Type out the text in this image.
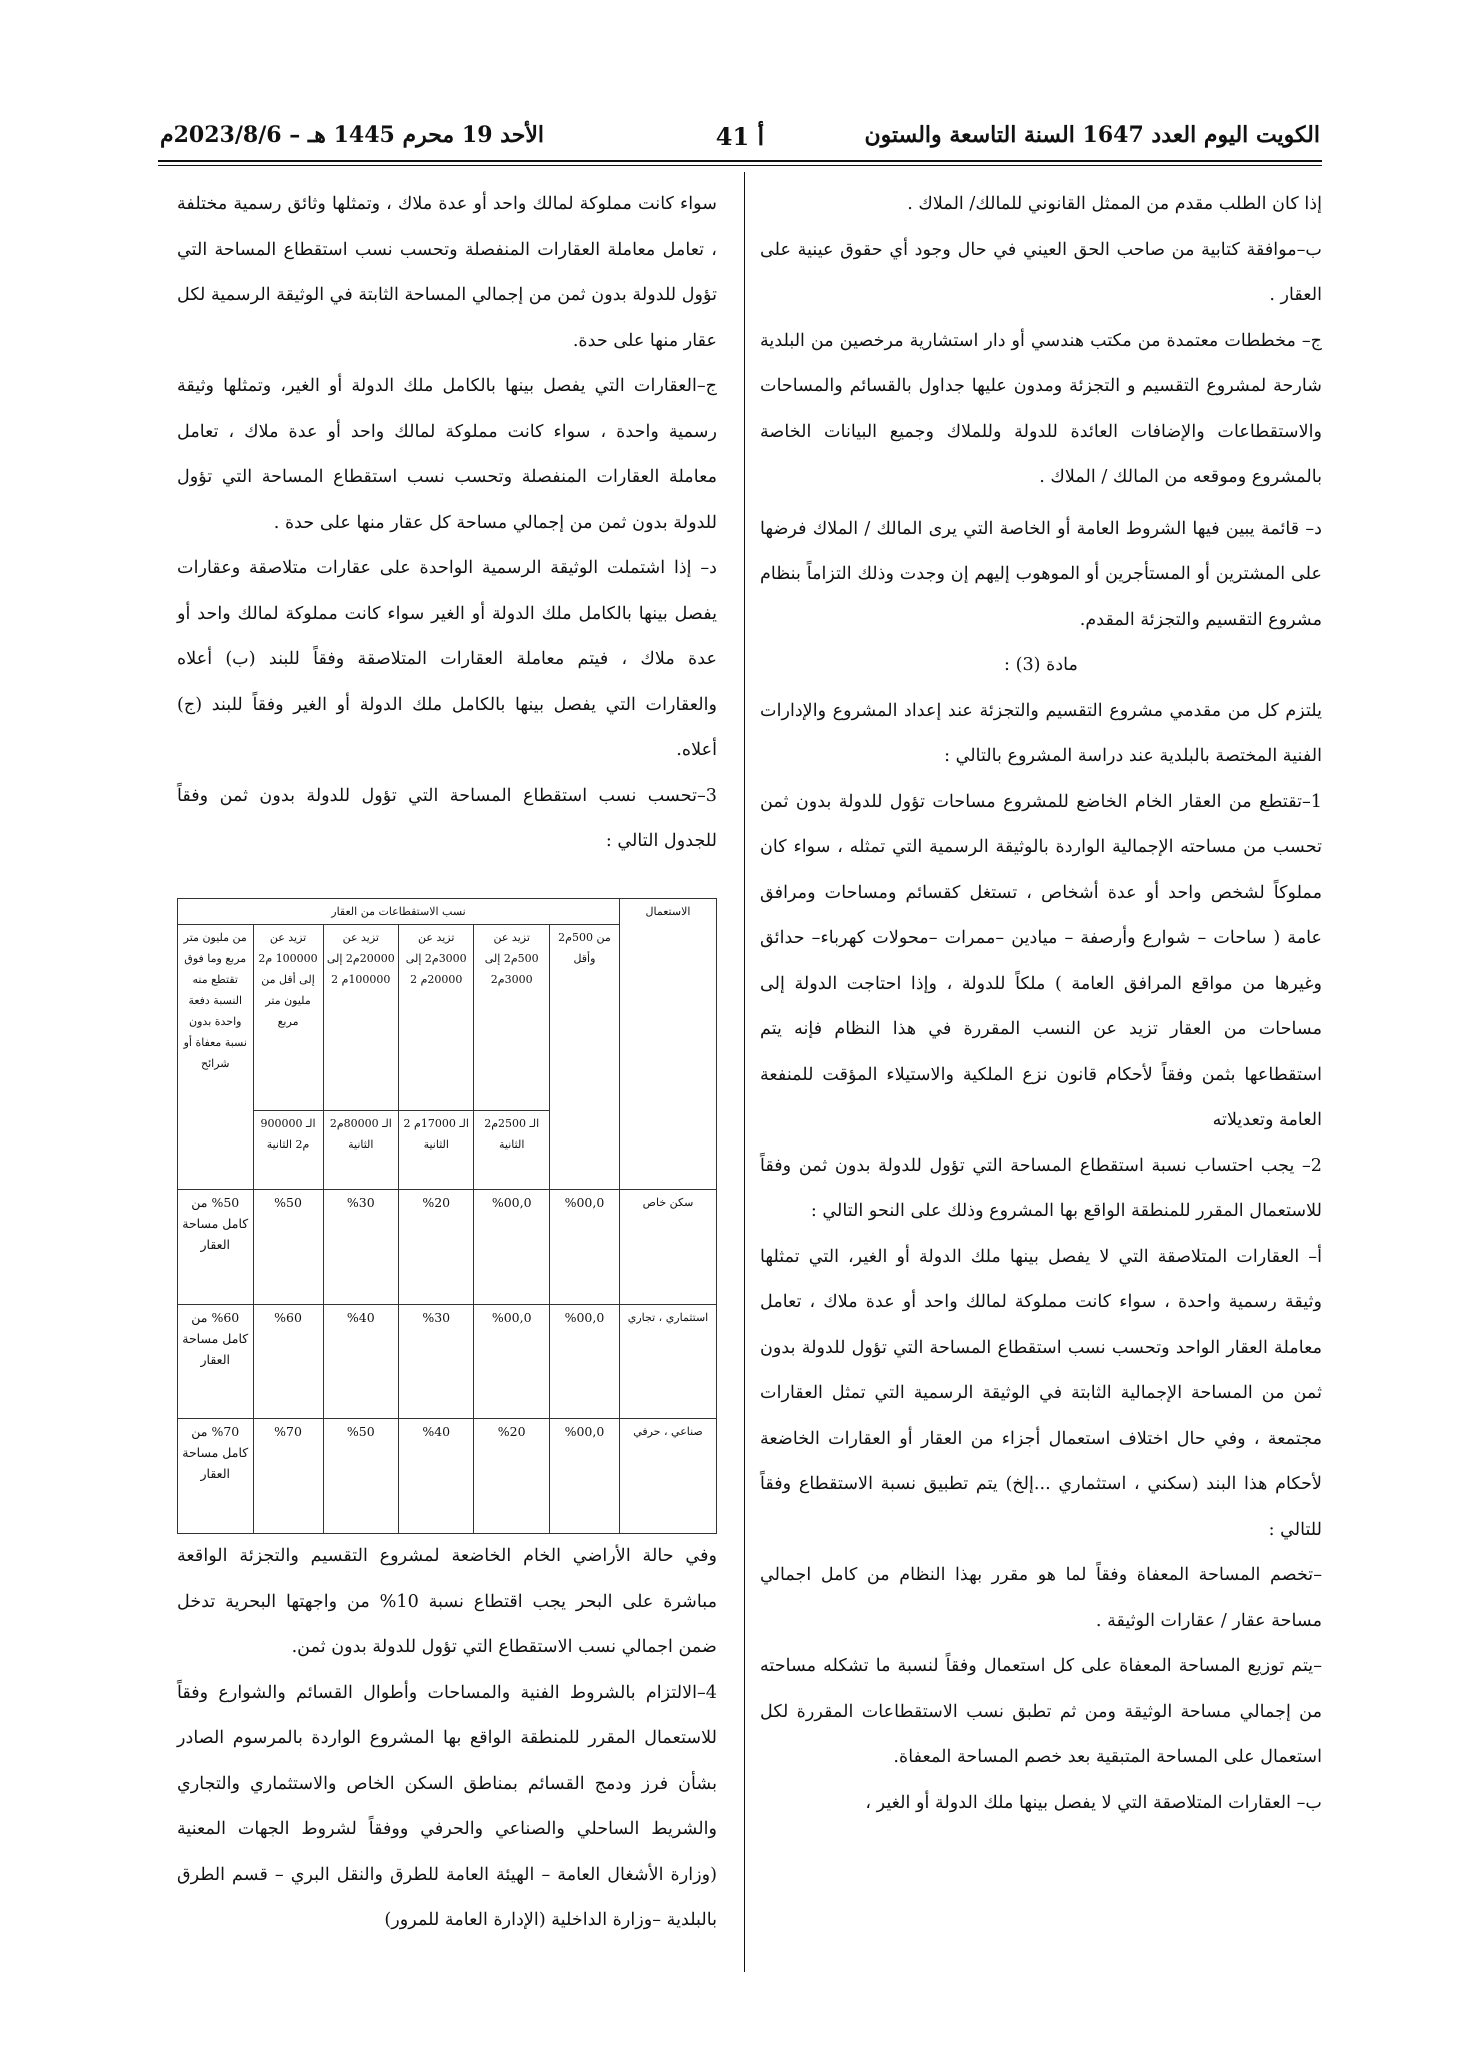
الكويت اليوم العدد 1647 السنة التاسعة والستون
أ 41
الأحد 19 محرم 1445 هـ – 2023/8/6م

إذا كان الطلب مقدم من الممثل القانوني للمالك/ الملاك .

ب–موافقة كتابية من صاحب الحق العيني في حال وجود أي حقوق عينية على العقار .

ج– مخططات معتمدة من مكتب هندسي أو دار استشارية مرخصين من البلدية شارحة لمشروع التقسيم و التجزئة ومدون عليها جداول بالقسائم والمساحات والاستقطاعات والإضافات العائدة للدولة وللملاك وجميع البيانات الخاصة بالمشروع وموقعه من المالك / الملاك .

د– قائمة يبين فيها الشروط العامة أو الخاصة التي يرى المالك / الملاك فرضها على المشترين أو المستأجرين أو الموهوب إليهم إن وجدت وذلك التزاماً بنظام مشروع التقسيم والتجزئة المقدم.

مادة (3) :

يلتزم كل من مقدمي مشروع التقسيم والتجزئة عند إعداد المشروع والإدارات الفنية المختصة بالبلدية عند دراسة المشروع بالتالي :

1–تقتطع من العقار الخام الخاضع للمشروع مساحات تؤول للدولة بدون ثمن تحسب من مساحته الإجمالية الواردة بالوثيقة الرسمية التي تمثله ، سواء كان مملوكاً لشخص واحد أو عدة أشخاص ، تستغل كقسائم ومساحات ومرافق عامة ( ساحات – شوارع وأرصفة – ميادين –ممرات –محولات كهرباء– حدائق وغيرها من مواقع المرافق العامة ) ملكاً للدولة ، وإذا احتاجت الدولة إلى مساحات من العقار تزيد عن النسب المقررة في هذا النظام فإنه يتم استقطاعها بثمن وفقاً لأحكام قانون نزع الملكية والاستيلاء المؤقت للمنفعة العامة وتعديلاته

2– يجب احتساب نسبة استقطاع المساحة التي تؤول للدولة بدون ثمن وفقاً للاستعمال المقرر للمنطقة الواقع بها المشروع وذلك على النحو التالي :

أ– العقارات المتلاصقة التي لا يفصل بينها ملك الدولة أو الغير، التي تمثلها وثيقة رسمية واحدة ، سواء كانت مملوكة لمالك واحد أو عدة ملاك ، تعامل معاملة العقار الواحد وتحسب نسب استقطاع المساحة التي تؤول للدولة بدون ثمن من المساحة الإجمالية الثابتة في الوثيقة الرسمية التي تمثل العقارات مجتمعة ، وفي حال اختلاف استعمال أجزاء من العقار أو العقارات الخاضعة لأحكام هذا البند (سكني ، استثماري ...إلخ) يتم تطبيق نسبة الاستقطاع وفقاً للتالي :

–تخصم المساحة المعفاة وفقاً لما هو مقرر بهذا النظام من كامل اجمالي مساحة عقار / عقارات الوثيقة .

–يتم توزيع المساحة المعفاة على كل استعمال وفقاً لنسبة ما تشكله مساحته من إجمالي مساحة الوثيقة ومن ثم تطبق نسب الاستقطاعات المقررة لكل استعمال على المساحة المتبقية بعد خصم المساحة المعفاة.

ب– العقارات المتلاصقة التي لا يفصل بينها ملك الدولة أو الغير ،

سواء كانت مملوكة لمالك واحد أو عدة ملاك ، وتمثلها وثائق رسمية مختلفة ، تعامل معاملة العقارات المنفصلة وتحسب نسب استقطاع المساحة التي تؤول للدولة بدون ثمن من إجمالي المساحة الثابتة في الوثيقة الرسمية لكل عقار منها على حدة.

ج–العقارات التي يفصل بينها بالكامل ملك الدولة أو الغير، وتمثلها وثيقة رسمية واحدة ، سواء كانت مملوكة لمالك واحد أو عدة ملاك ، تعامل معاملة العقارات المنفصلة وتحسب نسب استقطاع المساحة التي تؤول للدولة بدون ثمن من إجمالي مساحة كل عقار منها على حدة .

د– إذا اشتملت الوثيقة الرسمية الواحدة على عقارات متلاصقة وعقارات يفصل بينها بالكامل ملك الدولة أو الغير سواء كانت مملوكة لمالك واحد أو عدة ملاك ، فيتم معاملة العقارات المتلاصقة وفقاً للبند (ب) أعلاه والعقارات التي يفصل بينها بالكامل ملك الدولة أو الغير وفقاً للبند (ج) أعلاه.

3–تحسب نسب استقطاع المساحة التي تؤول للدولة بدون ثمن وفقاً للجدول التالي :

الاستعمال	نسب الاستقطاعات من العقار					
	من 500م2 وأقل	تزيد عن 500م2 إلى 3000م2	تزيد عن 3000م2 إلى 20000م 2	تزيد عن 20000م2 إلى 100000م 2	تزيد عن 100000 م2 إلى أقل من مليون متر مربع	من مليون متر مربع وما فوق تقتطع منه النسبة دفعة واحدة بدون نسبة معفاة أو شرائح
		الـ 2500م2 الثانية	الـ 17000م 2 الثانية	الـ 80000م2 الثانية	الـ 900000 م2 الثانية	
سكن خاص	%00,0	%00,0	%20	%30	%50	%50 من كامل مساحة العقار
استثماري ، تجاري	%00,0	%00,0	%30	%40	%60	%60 من كامل مساحة العقار
صناعي ، حرفي	%00,0	%20	%40	%50	%70	%70 من كامل مساحة العقار

وفي حالة الأراضي الخام الخاضعة لمشروع التقسيم والتجزئة الواقعة مباشرة على البحر يجب اقتطاع نسبة 10% من واجهتها البحرية تدخل ضمن اجمالي نسب الاستقطاع التي تؤول للدولة بدون ثمن.

4–الالتزام بالشروط الفنية والمساحات وأطوال القسائم والشوارع وفقاً للاستعمال المقرر للمنطقة الواقع بها المشروع الواردة بالمرسوم الصادر بشأن فرز ودمج القسائم بمناطق السكن الخاص والاستثماري والتجاري والشريط الساحلي والصناعي والحرفي ووفقاً لشروط الجهات المعنية (وزارة الأشغال العامة – الهيئة العامة للطرق والنقل البري – قسم الطرق بالبلدية –وزارة الداخلية (الإدارة العامة للمرور)
